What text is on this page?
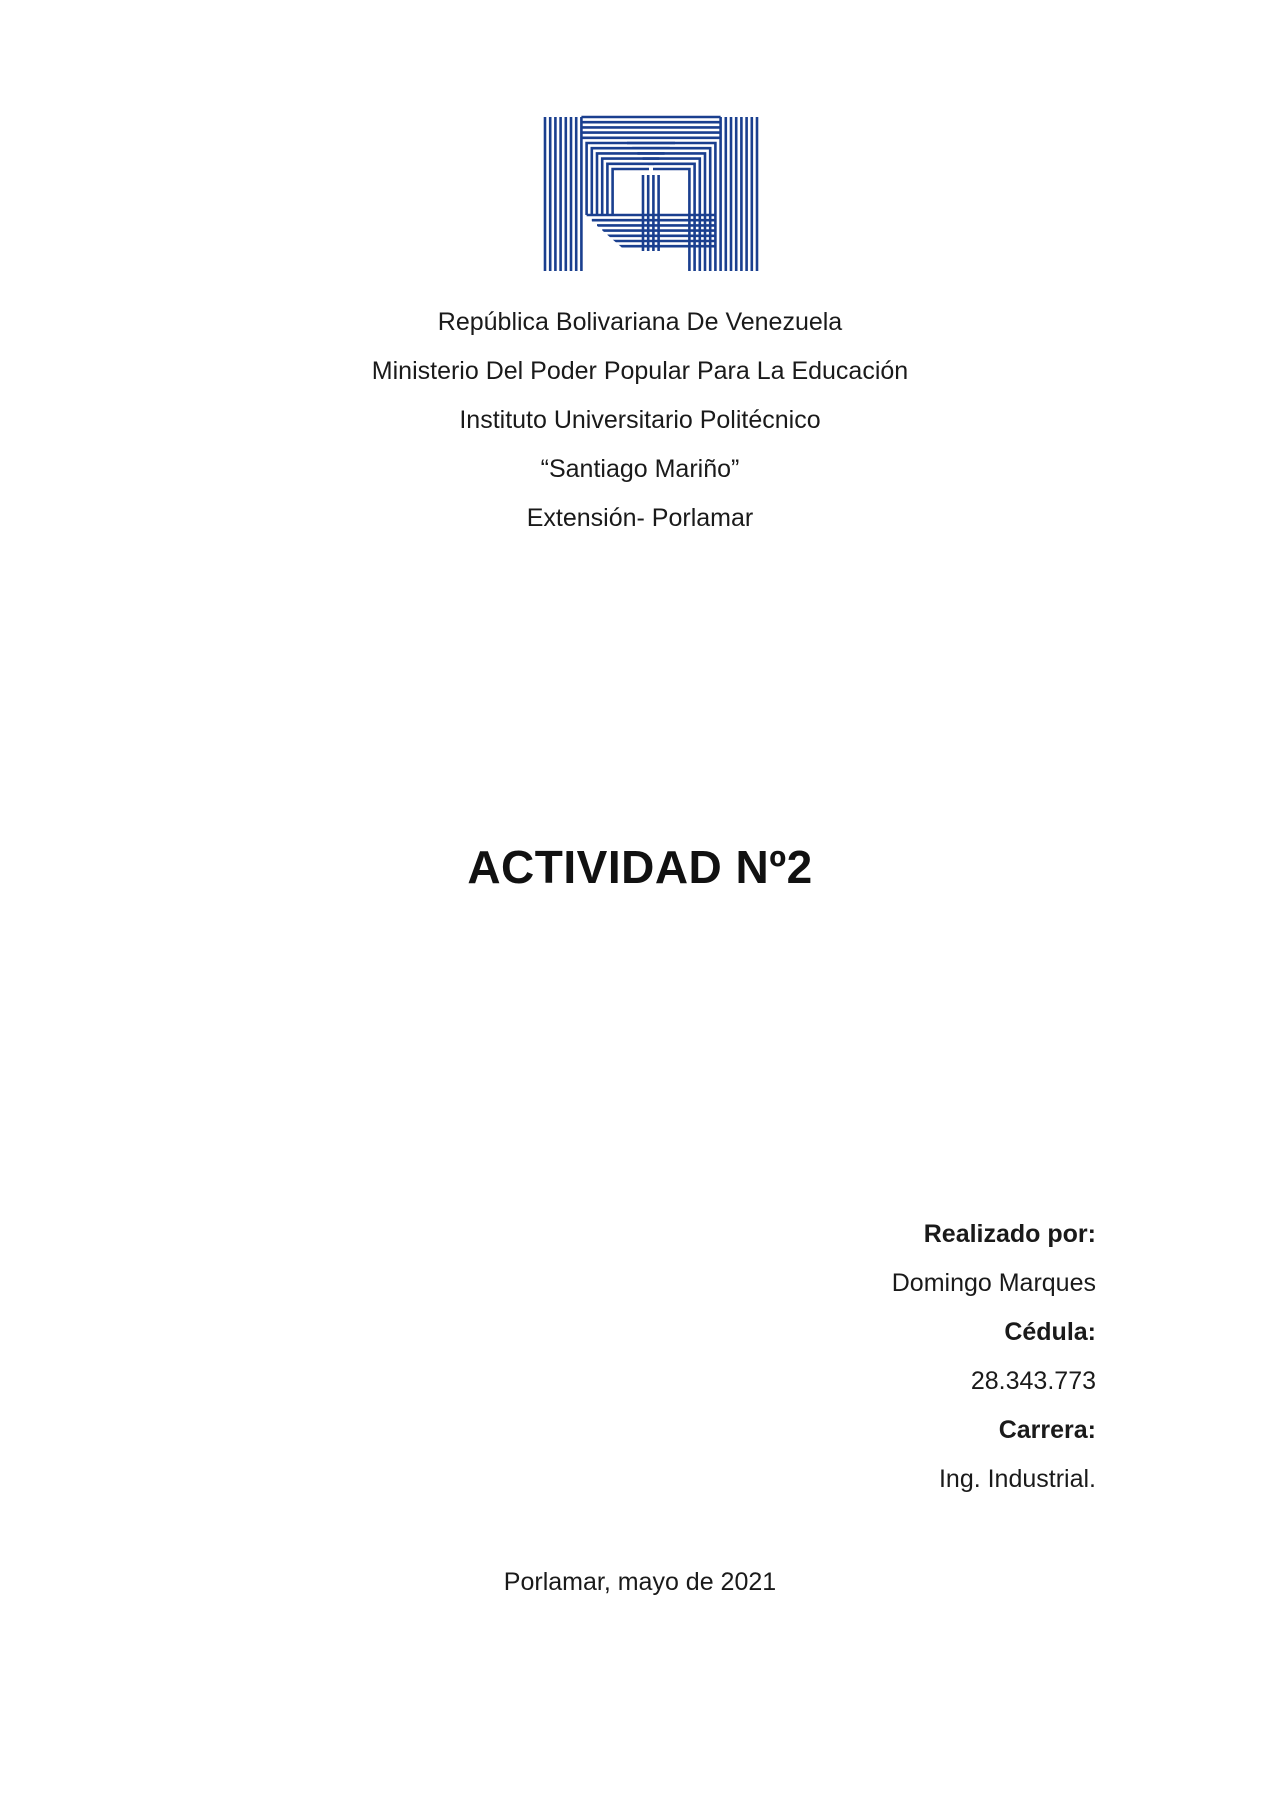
República Bolivariana De Venezuela
Ministerio Del Poder Popular Para La Educación
Instituto Universitario Politécnico
“Santiago Mariño”
Extensión- Porlamar
ACTIVIDAD Nº2
Realizado por:
Domingo Marques
Cédula:
28.343.773
Carrera:
Ing. Industrial.
Porlamar, mayo de 2021
